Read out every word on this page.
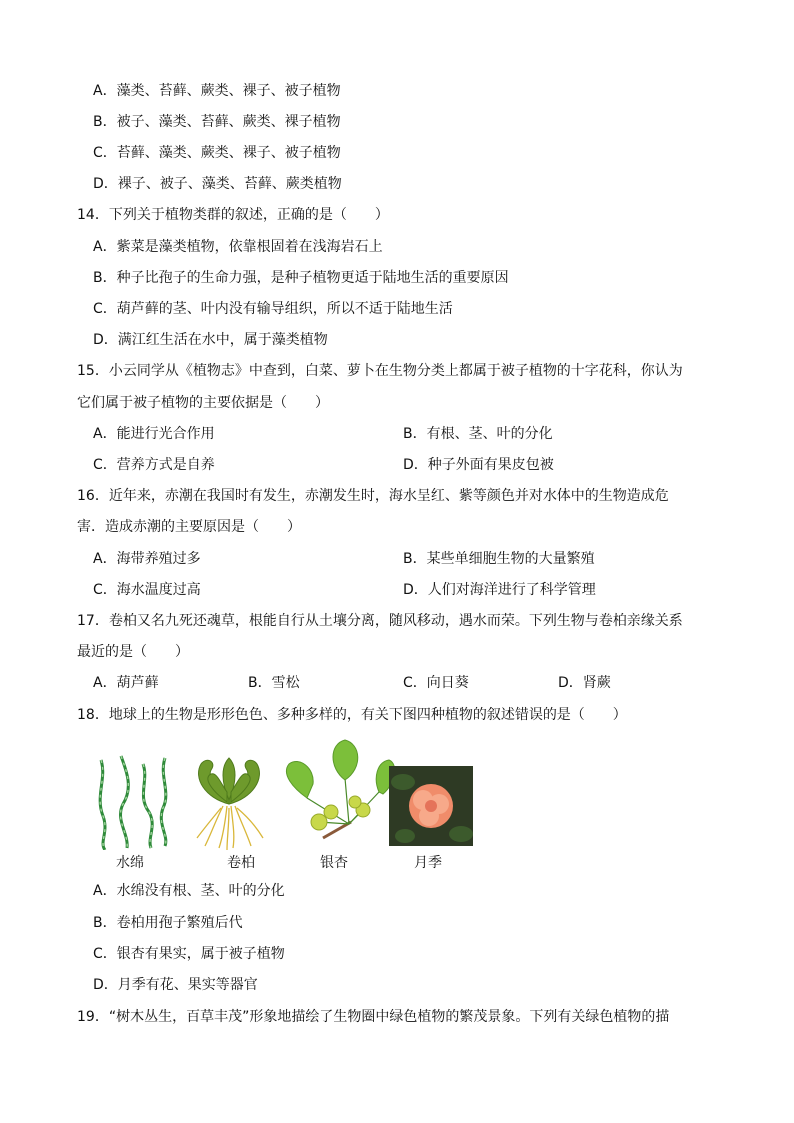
A．藻类、苔藓、蕨类、裸子、被子植物
B．被子、藻类、苔藓、蕨类、裸子植物
C．苔藓、藻类、蕨类、裸子、被子植物
D．裸子、被子、藻类、苔藓、蕨类植物
14．下列关于植物类群的叙述，正确的是（　　）
A．紫菜是藻类植物，依靠根固着在浅海岩石上
B．种子比孢子的生命力强，是种子植物更适于陆地生活的重要原因
C．葫芦藓的茎、叶内没有输导组织，所以不适于陆地生活
D．满江红生活在水中，属于藻类植物
15．小云同学从《植物志》中查到，白菜、萝卜在生物分类上都属于被子植物的十字花科，你认为
它们属于被子植物的主要依据是（　　）
A．能进行光合作用	B．有根、茎、叶的分化
C．营养方式是自养	D．种子外面有果皮包被
16．近年来，赤潮在我国时有发生，赤潮发生时，海水呈红、紫等颜色并对水体中的生物造成危
害．造成赤潮的主要原因是（　　）
A．海带养殖过多	B．某些单细胞生物的大量繁殖
C．海水温度过高	D．人们对海洋进行了科学管理
17．卷柏又名九死还魂草，根能自行从土壤分离，随风移动，遇水而荣。下列生物与卷柏亲缘关系
最近的是（　　）
A．葫芦藓	B．雪松	C．向日葵	D．肾蕨
18．地球上的生物是形形色色、多种多样的，有关下图四种植物的叙述错误的是（　　）
水绵	卷柏	银杏	月季
A．水绵没有根、茎、叶的分化
B．卷柏用孢子繁殖后代
C．银杏有果实，属于被子植物
D．月季有花、果实等器官
19．“树木丛生，百草丰茂”形象地描绘了生物圈中绿色植物的繁茂景象。下列有关绿色植物的描
